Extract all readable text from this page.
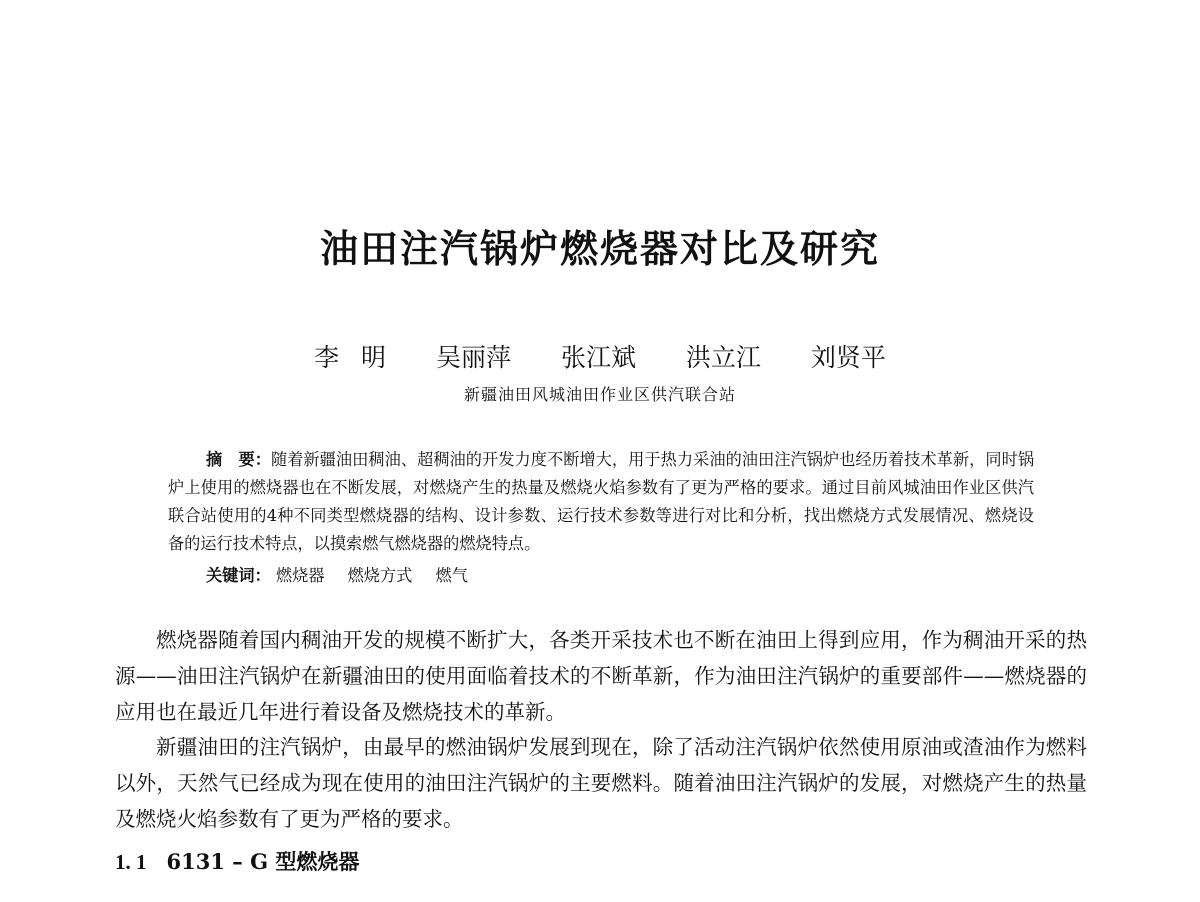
油田注汽锅炉燃烧器对比及研究
李 明 吴丽萍 张江斌 洪立江 刘贤平
新疆油田风城油田作业区供汽联合站
摘　要：随着新疆油田稠油、超稠油的开发力度不断增大，用于热力采油的油田注汽锅炉也经历着技术革新，同时锅炉上使用的燃烧器也在不断发展，对燃烧产生的热量及燃烧火焰参数有了更为严格的要求。通过目前风城油田作业区供汽联合站使用的4种不同类型燃烧器的结构、设计参数、运行技术参数等进行对比和分析，找出燃烧方式发展情况、燃烧设备的运行技术特点，以摸索燃气燃烧器的燃烧特点。
关键词： 燃烧器 燃烧方式 燃气

燃烧器随着国内稠油开发的规模不断扩大，各类开采技术也不断在油田上得到应用，作为稠油开采的热源——油田注汽锅炉在新疆油田的使用面临着技术的不断革新，作为油田注汽锅炉的重要部件——燃烧器的应用也在最近几年进行着设备及燃烧技术的革新。

新疆油田的注汽锅炉，由最早的燃油锅炉发展到现在，除了活动注汽锅炉依然使用原油或渣油作为燃料以外，天然气已经成为现在使用的油田注汽锅炉的主要燃料。随着油田注汽锅炉的发展，对燃烧产生的热量及燃烧火焰参数有了更为严格的要求。

1. 1 6131 – G 型燃烧器
